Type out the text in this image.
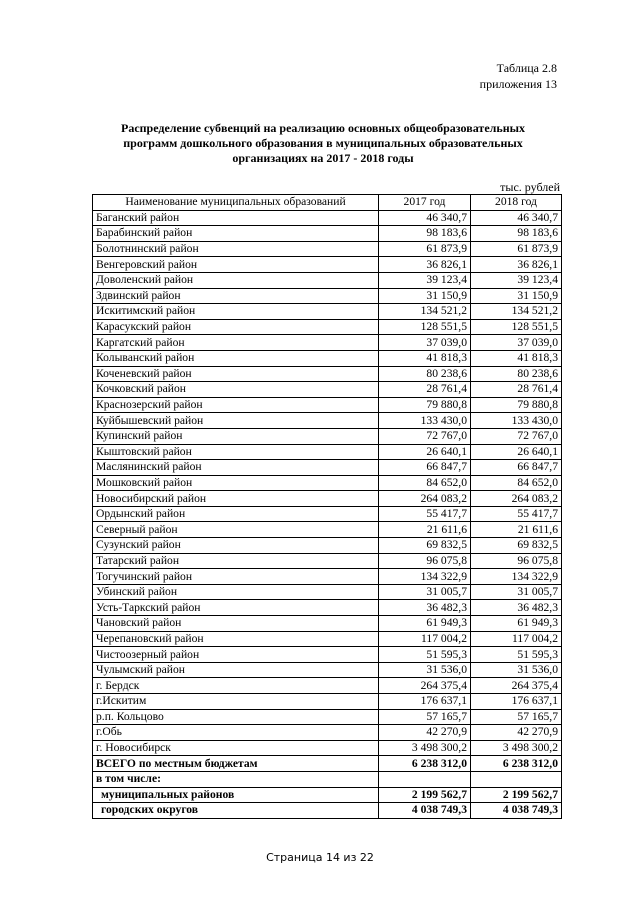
Таблица 2.8
приложения 13
Распределение субвенций на реализацию основных общеобразовательных программ дошкольного образования в муниципальных образовательных организациях на 2017 - 2018 годы
тыс. рублей
Наименование муниципальных образований	2017 год	2018 год
Баганский район	46 340,7	46 340,7
Барабинский район	98 183,6	98 183,6
Болотнинский район	61 873,9	61 873,9
Венгеровский район	36 826,1	36 826,1
Доволенский район	39 123,4	39 123,4
Здвинский район	31 150,9	31 150,9
Искитимский район	134 521,2	134 521,2
Карасукский район	128 551,5	128 551,5
Каргатский район	37 039,0	37 039,0
Колыванский район	41 818,3	41 818,3
Коченевский район	80 238,6	80 238,6
Кочковский район	28 761,4	28 761,4
Краснозерский район	79 880,8	79 880,8
Куйбышевский район	133 430,0	133 430,0
Купинский район	72 767,0	72 767,0
Кыштовский район	26 640,1	26 640,1
Маслянинский район	66 847,7	66 847,7
Мошковский район	84 652,0	84 652,0
Новосибирский район	264 083,2	264 083,2
Ордынский район	55 417,7	55 417,7
Северный район	21 611,6	21 611,6
Сузунский район	69 832,5	69 832,5
Татарский район	96 075,8	96 075,8
Тогучинский район	134 322,9	134 322,9
Убинский район	31 005,7	31 005,7
Усть-Таркский район	36 482,3	36 482,3
Чановский район	61 949,3	61 949,3
Черепановский район	117 004,2	117 004,2
Чистоозерный район	51 595,3	51 595,3
Чулымский район	31 536,0	31 536,0
г. Бердск	264 375,4	264 375,4
г.Искитим	176 637,1	176 637,1
р.п. Кольцово	57 165,7	57 165,7
г.Обь	42 270,9	42 270,9
г. Новосибирск	3 498 300,2	3 498 300,2
ВСЕГО по местным бюджетам	6 238 312,0	6 238 312,0
в том числе:		
муниципальных районов	2 199 562,7	2 199 562,7
городских округов	4 038 749,3	4 038 749,3
Страница 14 из 22
